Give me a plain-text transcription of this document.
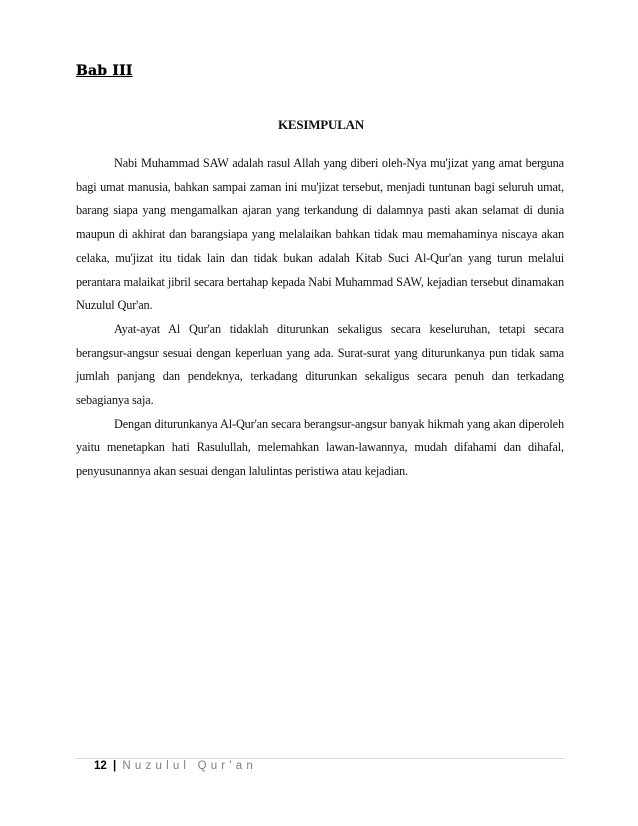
Bab III
KESIMPULAN

Nabi Muhammad SAW adalah rasul Allah yang diberi oleh-Nya mu'jizat yang amat berguna bagi umat manusia, bahkan sampai zaman ini mu'jizat tersebut, menjadi tuntunan bagi seluruh umat, barang siapa yang mengamalkan ajaran yang terkandung di dalamnya pasti akan selamat di dunia maupun di akhirat dan barangsiapa yang melalaikan bahkan tidak mau memahaminya niscaya akan celaka, mu'jizat itu tidak lain dan tidak bukan adalah Kitab Suci Al-Qur'an yang turun melalui perantara malaikat jibril secara bertahap kepada Nabi Muhammad SAW, kejadian tersebut dinamakan Nuzulul Qur'an.

Ayat-ayat Al Qur'an tidaklah diturunkan sekaligus secara keseluruhan, tetapi secara berangsur-angsur sesuai dengan keperluan yang ada. Surat-surat yang diturunkanya pun tidak sama jumlah panjang dan pendeknya, terkadang diturunkan sekaligus secara penuh dan terkadang sebagianya saja.

Dengan diturunkanya Al-Qur'an secara berangsur-angsur banyak hikmah yang akan diperoleh yaitu menetapkan hati Rasulullah, melemahkan lawan-lawannya, mudah difahami dan dihafal, penyusunannya akan sesuai dengan lalulintas peristiwa atau kejadian.

12 | Nuzulul Qur'an
